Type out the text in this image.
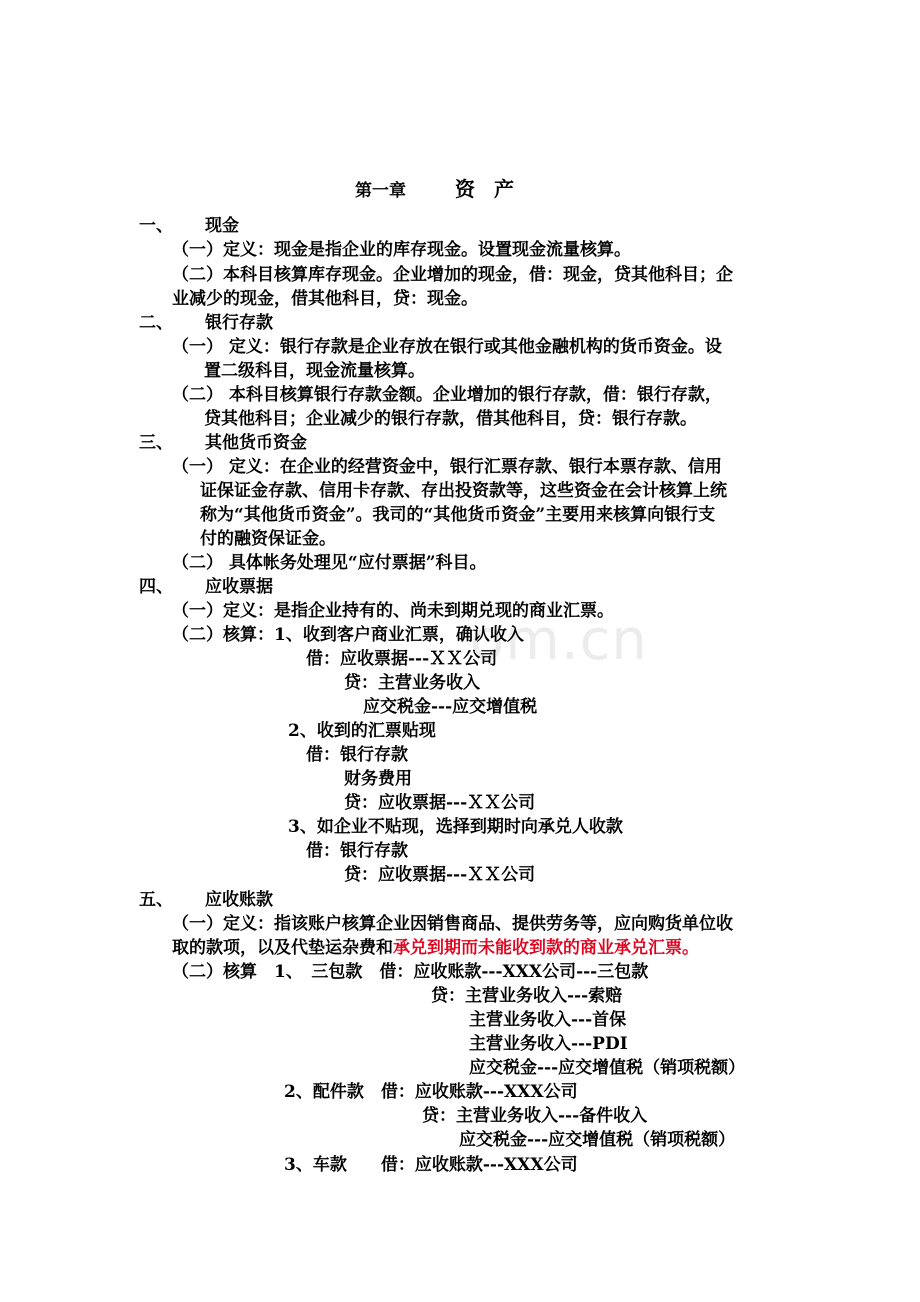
om.cn
第一章 资 产
一、 现金
（一）定义：现金是指企业的库存现金。设置现金流量核算。
（二）本科目核算库存现金。企业增加的现金，借：现金，贷其他科目；企
业减少的现金，借其他科目，贷：现金。
二、 银行存款
（一） 定义：银行存款是企业存放在银行或其他金融机构的货币资金。设
置二级科目，现金流量核算。
（二） 本科目核算银行存款金额。企业增加的银行存款，借：银行存款，
贷其他科目；企业减少的银行存款，借其他科目，贷：银行存款。
三、 其他货币资金
（一） 定义：在企业的经营资金中，银行汇票存款、银行本票存款、信用
证保证金存款、信用卡存款、存出投资款等，这些资金在会计核算上统
称为“其他货币资金”。我司的“其他货币资金”主要用来核算向银行支
付的融资保证金。
（二） 具体帐务处理见“应付票据”科目。
四、 应收票据
（一）定义：是指企业持有的、尚未到期兑现的商业汇票。
（二）核算：1、收到客户商业汇票，确认收入
借：应收票据---ＸＸ公司
贷：主营业务收入
应交税金---应交增值税
2、收到的汇票贴现
借：银行存款
财务费用
贷：应收票据---ＸＸ公司
3、如企业不贴现，选择到期时向承兑人收款
借：银行存款
贷：应收票据---ＸＸ公司
五、 应收账款
（一）定义：指该账户核算企业因销售商品、提供劳务等，应向购货单位收
取的款项，以及代垫运杂费和承兑到期而未能收到款的商业承兑汇票。
（二）核算　1、　三包款　借：应收账款---XXX公司---三包款
贷：主营业务收入---索赔
主营业务收入---首保
主营业务收入---PDI
应交税金---应交增值税（销项税额）
2、配件款　借：应收账款---XXX公司
贷：主营业务收入---备件收入
应交税金---应交增值税（销项税额）
3、车款　　借：应收账款---XXX公司
